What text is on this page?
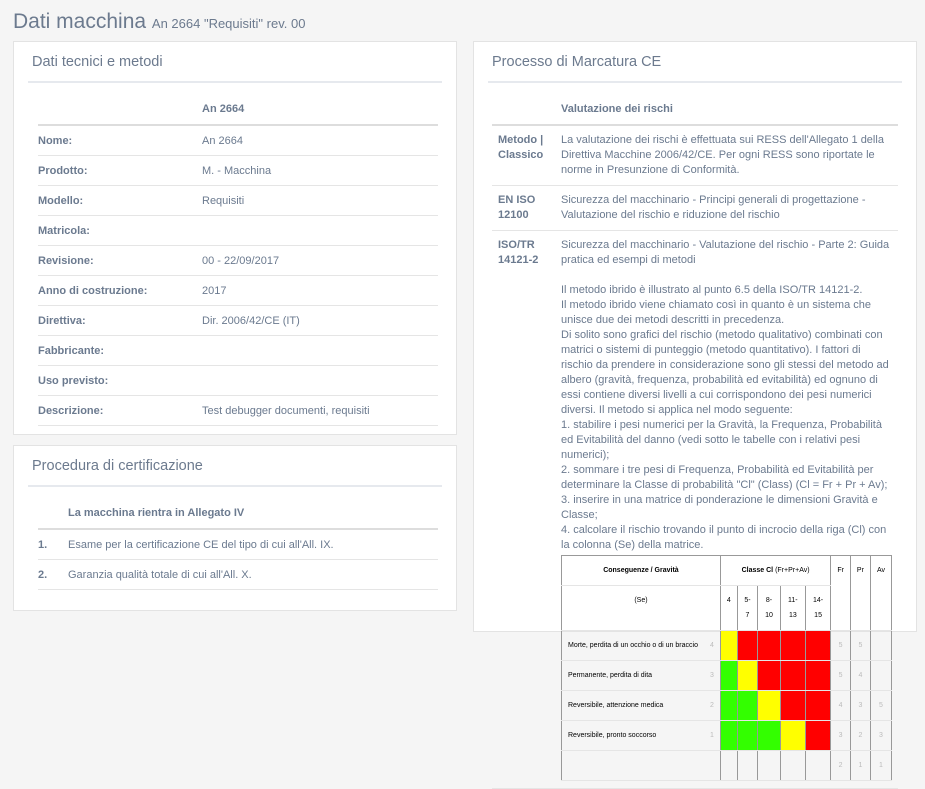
Dati macchina An 2664 "Requisiti" rev. 00
Dati tecnici e metodi
	An 2664
Nome:	An 2664
Prodotto:	M. - Macchina
Modello:	Requisiti
Matricola:	
Revisione:	00 - 22/09/2017
Anno di costruzione:	2017
Direttiva:	Dir. 2006/42/CE (IT)
Fabbricante:	
Uso previsto:	
Descrizione:	Test debugger documenti, requisiti
Procedura di certificazione
	La macchina rientra in Allegato IV
1.	Esame per la certificazione CE del tipo di cui all'All. IX.
2.	Garanzia qualità totale di cui all'All. X.
Processo di Marcatura CE
	Valutazione dei rischi
Metodo | Classico	
La valutazione dei rischi è effettuata sui RESS dell'Allegato 1 della Direttiva Macchine 2006/42/CE. Per ogni RESS sono riportate le norme in Presunzione di Conformità.

EN ISO 12100	
Sicurezza del macchinario - Principi generali di progettazione - Valutazione del rischio e riduzione del rischio

ISO/TR 14121-2	
Sicurezza del macchinario - Valutazione del rischio - Parte 2: Guida pratica ed esempi di metodi
Il metodo ibrido è illustrato al punto 6.5 della ISO/TR 14121-2.
Il metodo ibrido viene chiamato così in quanto è un sistema che unisce due dei metodi descritti in precedenza.
Di solito sono grafici del rischio (metodo qualitativo) combinati con matrici o sistemi di punteggio (metodo quantitativo). I fattori di rischio da prendere in considerazione sono gli stessi del metodo ad albero (gravità, frequenza, probabilità ed evitabilità) ed ognuno di essi contiene diversi livelli a cui corrispondono dei pesi numerici diversi. Il metodo si applica nel modo seguente:
1. stabilire i pesi numerici per la Gravità, la Frequenza, Probabilità ed Evitabilità del danno (vedi sotto le tabelle con i relativi pesi numerici);
2. sommare i tre pesi di Frequenza, Probabilità ed Evitabilità per determinare la Classe di probabilità "Cl" (Class) (Cl = Fr + Pr + Av);
3. inserire in una matrice di ponderazione le dimensioni Gravità e Classe;
4. calcolare il rischio trovando il punto di incrocio della riga (Cl) con la colonna (Se) della matrice.
Conseguenze / Gravità	Classe Cl (Fr+Pr+Av)	Fr	Pr	Av
(Se)	4	5-7	8-10	11-13	14-15
Morte, perdita di un occhio o di un braccio	4						5	5	
Permanente, perdita di dita	3						5	4	
Reversibile, attenzione medica	2						4	3	5
Reversibile, pronto soccorso	1						3	2	3
							2	1	1
